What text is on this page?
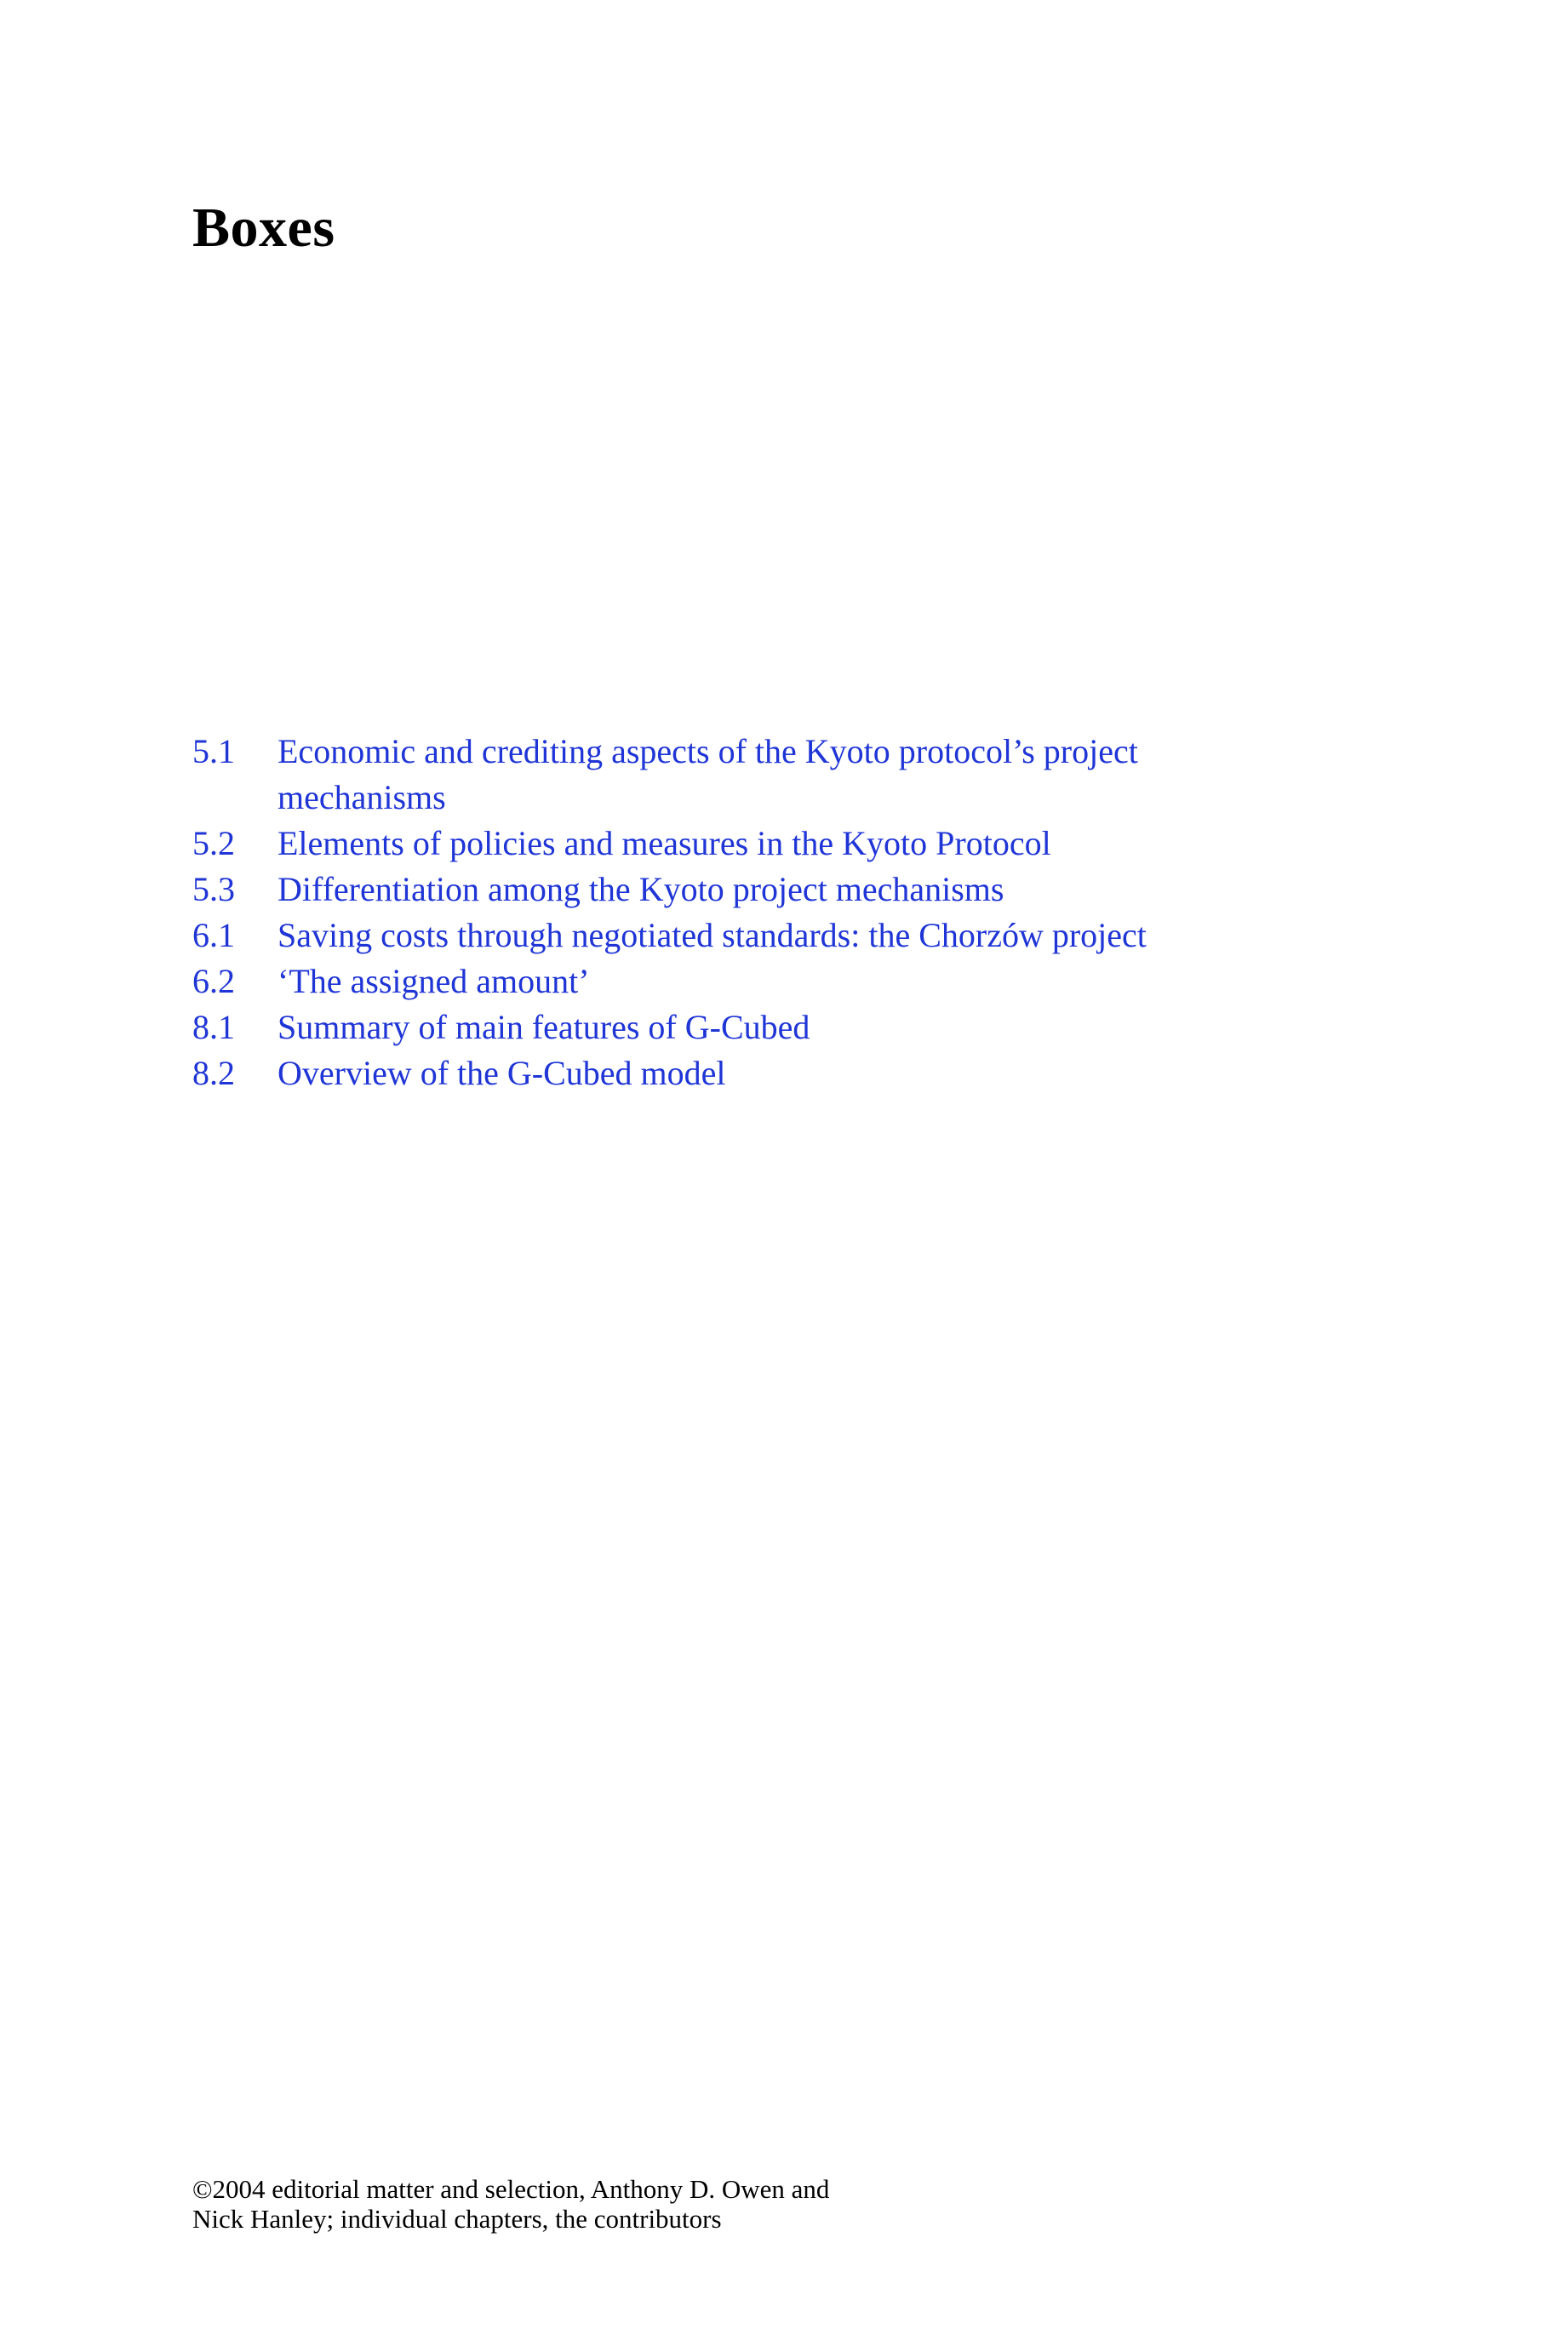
Boxes
5.1	Economic and crediting aspects of the Kyoto protocol’s project mechanisms
5.2	Elements of policies and measures in the Kyoto Protocol
5.3	Differentiation among the Kyoto project mechanisms
6.1	Saving costs through negotiated standards: the Chorzów project
6.2	‘The assigned amount’
8.1	Summary of main features of G-Cubed
8.2	Overview of the G-Cubed model
©2004 editorial matter and selection, Anthony D. Owen and
Nick Hanley; individual chapters, the contributors
